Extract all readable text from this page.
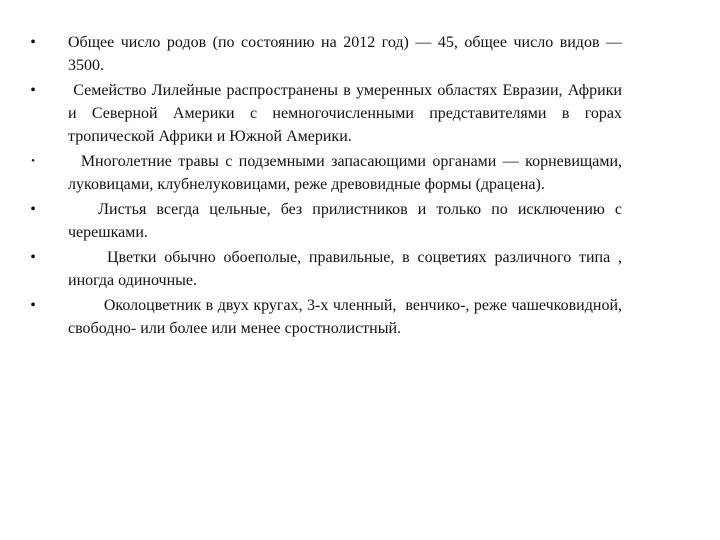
• Общее число родов (по состоянию на 2012 год) — 45, общее число видов — 3500.
• Семейство Лилейные распространены в умеренных областях Евразии, Африки и Северной Америки с немногочисленными представителями в горах тропической Африки и Южной Америки.
• Многолетние травы с подземными запасающими органами — корневищами, луковицами, клубнелуковицами, реже древовидные формы (драцена).
• Листья всегда цельные, без прилистников и только по исключению с черешками.
• Цветки обычно обоеполые, правильные, в соцветиях различного типа , иногда одиночные.
• Околоцветник в двух кругах, 3-х членный,  венчико-, реже чашечковидной, свободно- или более или менее сростнолистный.
